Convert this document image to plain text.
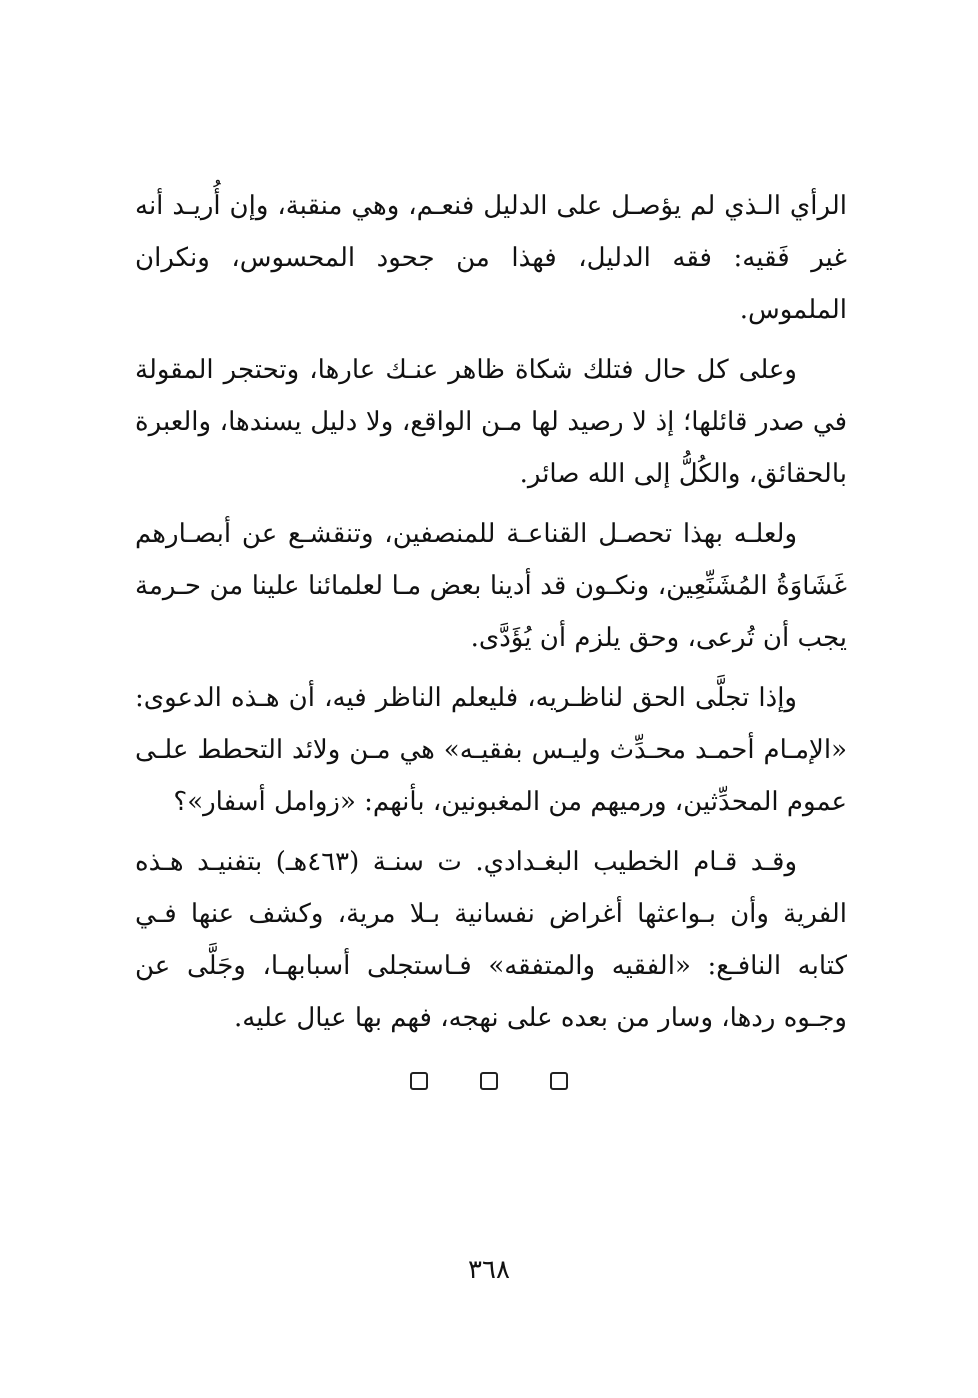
الرأي الـذي لم يؤصـل على الدليل فنعـم، وهي منقبة، وإن أُريـد أنه غير فَقيه: فقه الدليل، فهذا من جحود المحسوس، ونكران الملموس.

وعلى كل حال فتلك شكاة ظاهر عنـك عارها، وتحتجر المقولة في صدر قائلها؛ إذ لا رصيد لها مـن الواقع، ولا دليل يسندها، والعبرة بالحقائق، والكُلُّ إلى الله صائر.

ولعلـه بهذا تحصـل القناعـة للمنصفين، وتنقشـع عن أبصـارهم غَشَاوَةُ المُشَنِّعِين، ونكـون قد أدينا بعض مـا لعلمائنا علينا من حـرمة يجب أن تُرعى، وحق يلزم أن يُؤَدَّى.

وإذا تجلَّى الحق لناظـريه، فليعلم الناظر فيه، أن هـذه الدعوى: «الإمـام أحمـد محـدِّث وليـس بفقيـه» هي مـن ولائد التحطط علـى عموم المحدِّثين، ورميهم من المغبونين، بأنهم: «زوامل أسفار»؟

وقـد قـام الخطيب البغـدادي. ت سنـة (٤٦٣هـ) بتفنيـد هـذه الفرية وأن بـواعثها أغراض نفسانية بـلا مرية، وكشف عنها فـي كتابه النافـع: «الفقيه والمتفقه» فـاستجلى أسبابهـا، وجَلَّى عن وجـوه ردها، وسار من بعده على نهجه، فهم بها عيال عليه.

٣٦٨
